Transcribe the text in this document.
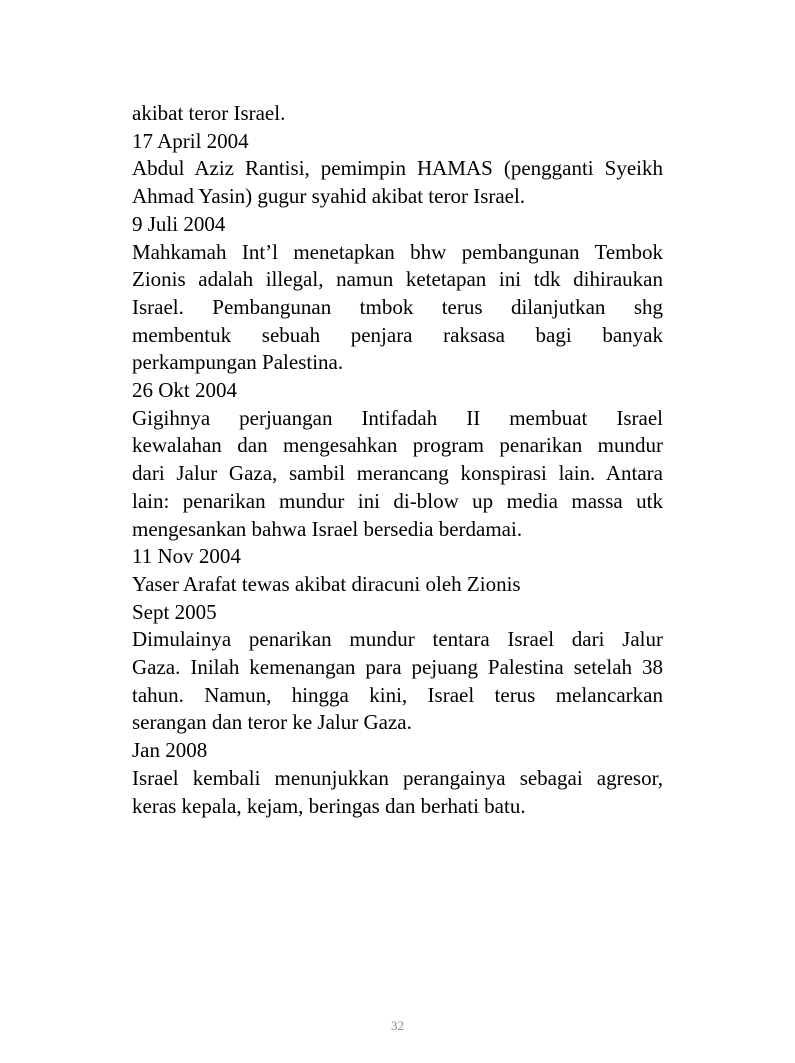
akibat teror Israel.

17 April 2004

Abdul Aziz Rantisi, pemimpin HAMAS (pengganti Syeikh

Ahmad Yasin) gugur syahid akibat teror Israel.

9 Juli 2004

Mahkamah Int’l menetapkan bhw pembangunan Tembok

Zionis adalah illegal, namun ketetapan ini tdk dihiraukan

Israel. Pembangunan tmbok terus dilanjutkan shg

membentuk sebuah penjara raksasa bagi banyak

perkampungan Palestina.

26 Okt 2004

Gigihnya perjuangan Intifadah II membuat Israel

kewalahan dan mengesahkan program penarikan mundur

dari Jalur Gaza, sambil merancang konspirasi lain. Antara

lain: penarikan mundur ini di-blow up media massa utk

mengesankan bahwa Israel bersedia berdamai.

11 Nov 2004

Yaser Arafat tewas akibat diracuni oleh Zionis

Sept 2005

Dimulainya penarikan mundur tentara Israel dari Jalur

Gaza. Inilah kemenangan para pejuang Palestina setelah 38

tahun. Namun, hingga kini, Israel terus melancarkan

serangan dan teror ke Jalur Gaza.

Jan 2008

Israel kembali menunjukkan perangainya sebagai agresor,

keras kepala, kejam, beringas dan berhati batu.

32
